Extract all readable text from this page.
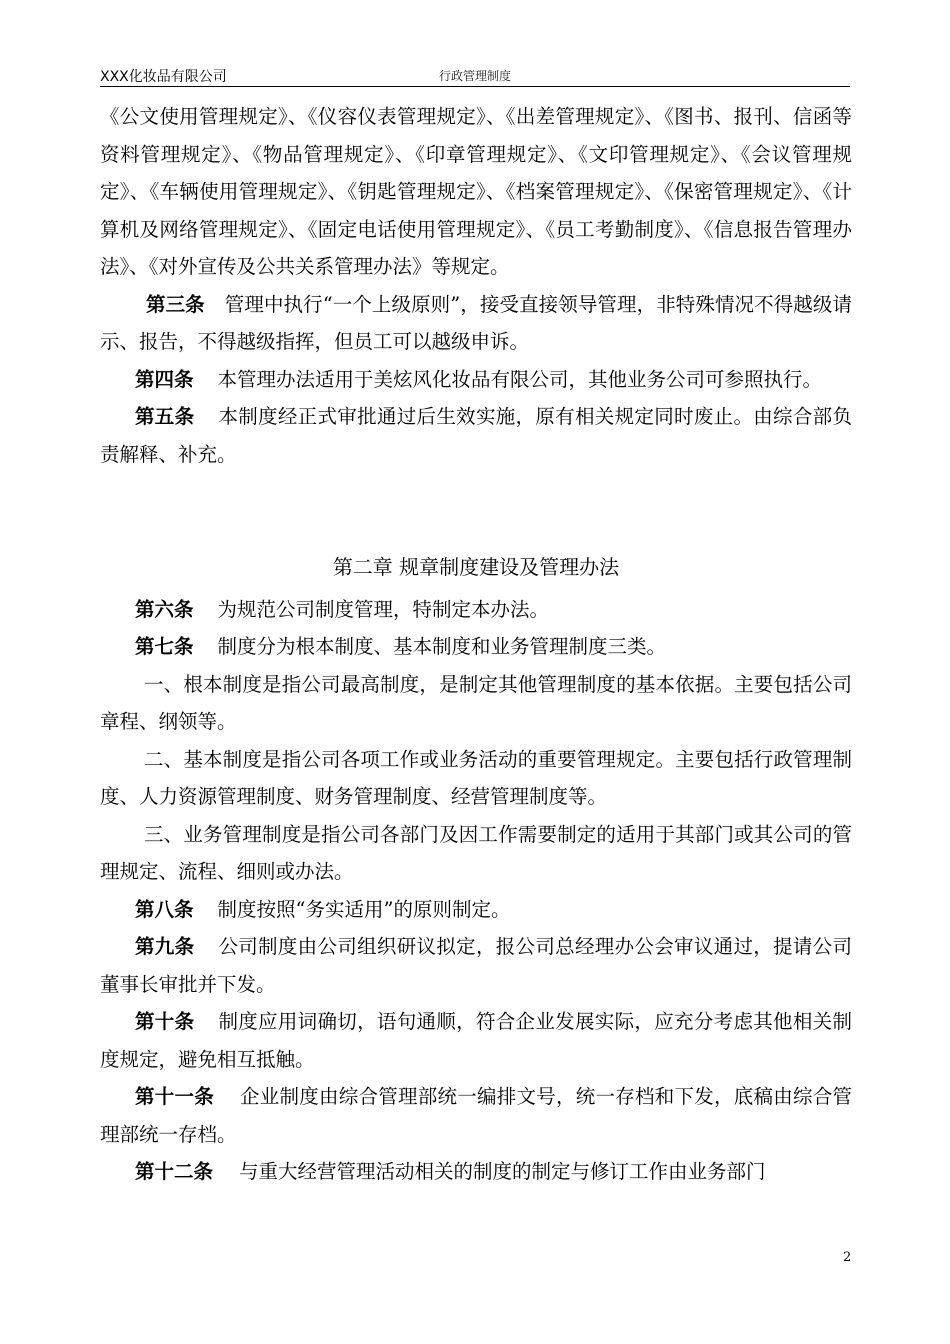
XXX化妆品有限公司	行政管理制度

《公文使用管理规定》、《仪容仪表管理规定》、《出差管理规定》、《图书、报刊、信函等资料管理规定》、《物品管理规定》、《印章管理规定》、《文印管理规定》、《会议管理规定》、《车辆使用管理规定》、《钥匙管理规定》、《档案管理规定》、《保密管理规定》、《计算机及网络管理规定》、《固定电话使用管理规定》、《员工考勤制度》、《信息报告管理办法》、《对外宣传及公共关系管理办法》等规定。

第三条 管理中执行“一个上级原则”，接受直接领导管理，非特殊情况不得越级请示、报告，不得越级指挥，但员工可以越级申诉。

第四条 本管理办法适用于美炫风化妆品有限公司，其他业务公司可参照执行。

第五条 本制度经正式审批通过后生效实施，原有相关规定同时废止。由综合部负责解释、补充。

第二章 规章制度建设及管理办法

第六条 为规范公司制度管理，特制定本办法。

第七条 制度分为根本制度、基本制度和业务管理制度三类。

一、根本制度是指公司最高制度，是制定其他管理制度的基本依据。主要包括公司章程、纲领等。

二、基本制度是指公司各项工作或业务活动的重要管理规定。主要包括行政管理制度、人力资源管理制度、财务管理制度、经营管理制度等。

三、业务管理制度是指公司各部门及因工作需要制定的适用于其部门或其公司的管理规定、流程、细则或办法。

第八条 制度按照“务实适用”的原则制定。

第九条 公司制度由公司组织研议拟定，报公司总经理办公会审议通过，提请公司董事长审批并下发。

第十条 制度应用词确切，语句通顺，符合企业发展实际，应充分考虑其他相关制度规定，避免相互抵触。

第十一条 企业制度由综合管理部统一编排文号，统一存档和下发，底稿由综合管理部统一存档。

第十二条 与重大经营管理活动相关的制度的制定与修订工作由业务部门

2
